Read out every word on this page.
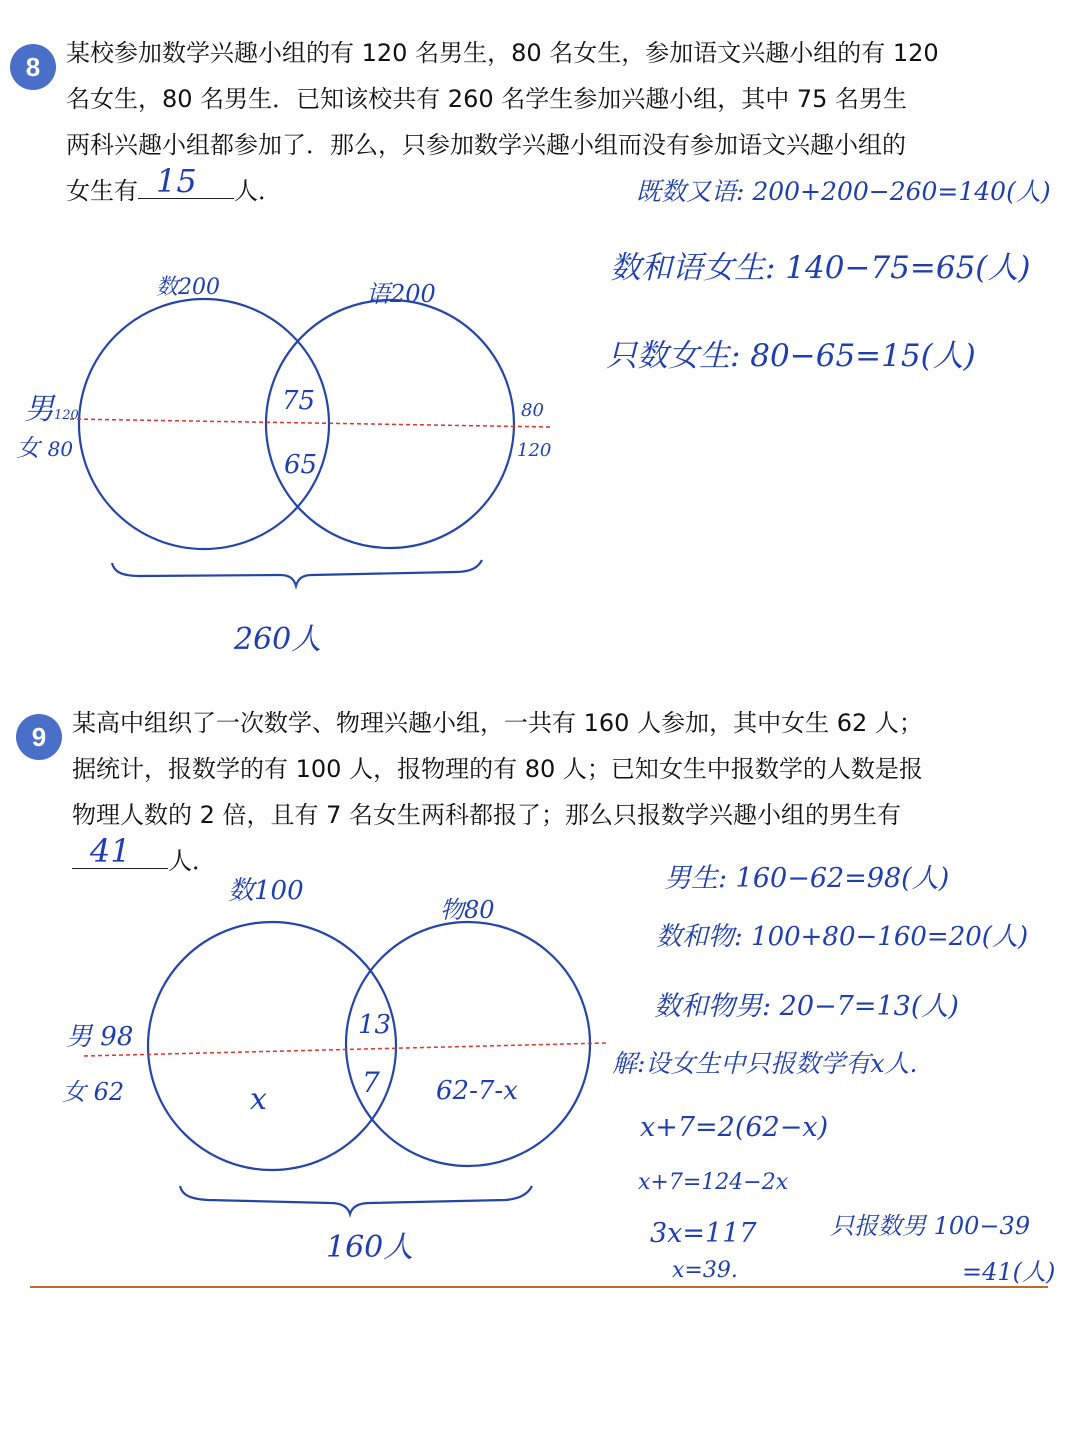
8	某校参加数学兴趣小组的有 120 名男生，80 名女生，参加语文兴趣小组的有 120
名女生，80 名男生．已知该校共有 260 名学生参加兴趣小组，其中 75 名男生
两科兴趣小组都参加了．那么，只参加数学兴趣小组而没有参加语文兴趣小组的
女生有 15 人．	既数又语: 200+200−260=140(人)
数和语女生: 140−75=65(人)
只数女生: 80−65=15(人)
数200	语200
男120
女 80
75
65
80
120
260人
9	某高中组织了一次数学、物理兴趣小组，一共有 160 人参加，其中女生 62 人；
据统计，报数学的有 100 人，报物理的有 80 人；已知女生中报数学的人数是报
物理人数的 2 倍，且有 7 名女生两科都报了；那么只报数学兴趣小组的男生有
41 人．
男生: 160−62=98(人)
数和物: 100+80−160=20(人)
数和物男: 20−7=13(人)
解:设女生中只报数学有x人.
x+7=2(62−x)
x+7=124−2x
3x=117
x=39.
只报数男 100−39
=41(人)
数100
物80
男 98
女 62
13
7
x	62-7-x
160人
